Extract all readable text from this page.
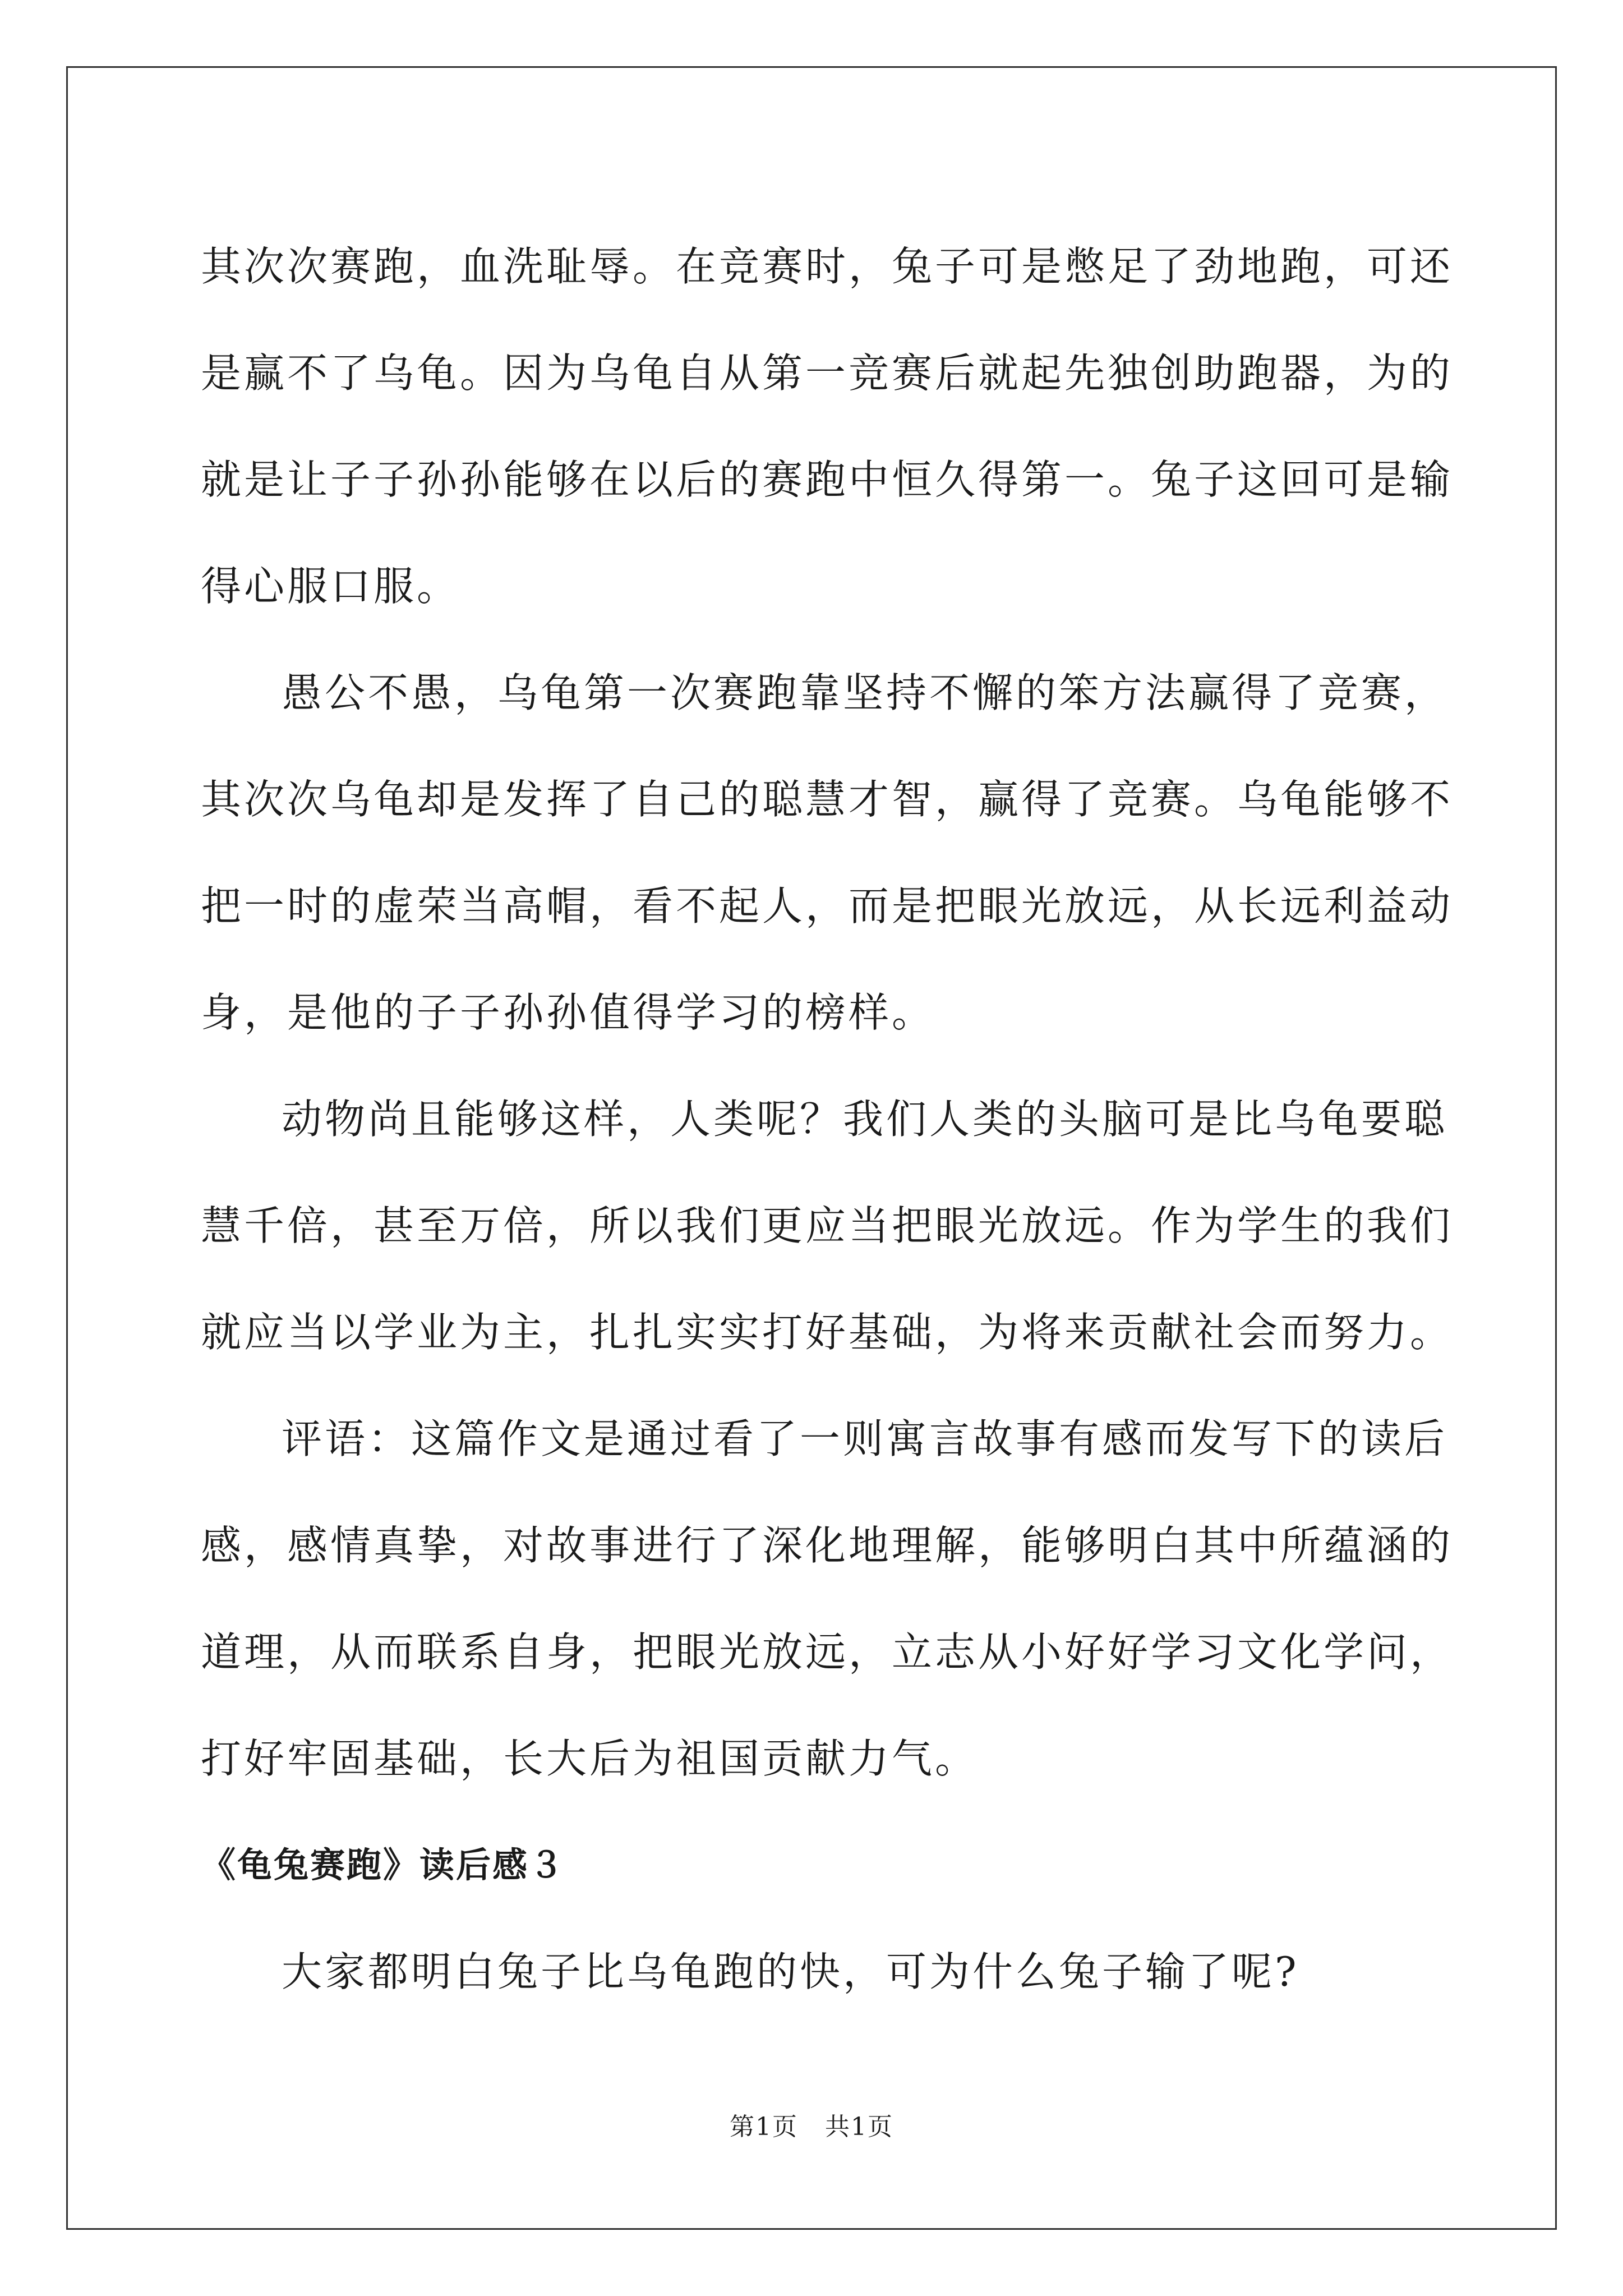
其次次赛跑，血洗耻辱。在竞赛时，兔子可是憋足了劲地跑，可还是赢不了乌龟。因为乌龟自从第一竞赛后就起先独创助跑器，为的就是让子子孙孙能够在以后的赛跑中恒久得第一。兔子这回可是输得心服口服。

愚公不愚，乌龟第一次赛跑靠坚持不懈的笨方法赢得了竞赛，其次次乌龟却是发挥了自己的聪慧才智，赢得了竞赛。乌龟能够不把一时的虚荣当高帽，看不起人，而是把眼光放远，从长远利益动身，是他的子子孙孙值得学习的榜样。

动物尚且能够这样，人类呢？我们人类的头脑可是比乌龟要聪慧千倍，甚至万倍，所以我们更应当把眼光放远。作为学生的我们就应当以学业为主，扎扎实实打好基础，为将来贡献社会而努力。

评语：这篇作文是通过看了一则寓言故事有感而发写下的读后感，感情真挚，对故事进行了深化地理解，能够明白其中所蕴涵的道理，从而联系自身，把眼光放远，立志从小好好学习文化学问，打好牢固基础，长大后为祖国贡献力气。

《龟兔赛跑》读后感３

大家都明白兔子比乌龟跑的快，可为什么兔子输了呢?

第1页 共1页
